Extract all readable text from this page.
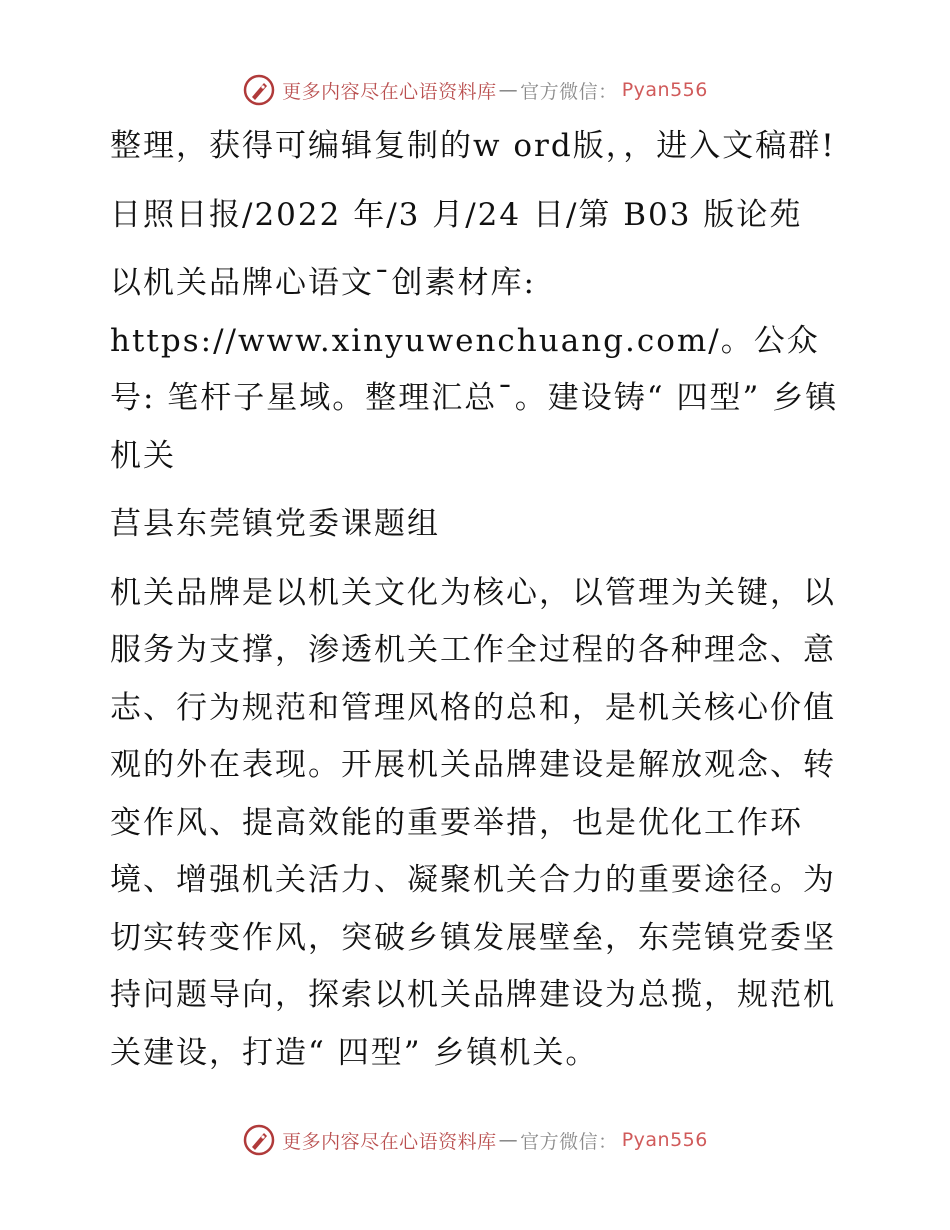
更多内容尽在心语资料库 — 官方微信： Pyan556

整理，获得可编辑复制的w ord版，，进入文稿群!

日照日报/2022 年/3 月/24 日/第 B03 版论苑

以机关品牌心语文¯创素材库: https://www.xinyuwenchuang.com/。公众号: 笔杆子星域。整理汇总¯。建设铸“ 四型” 乡镇机关

莒县东莞镇党委课题组

机关品牌是以机关文化为核心，以管理为关键，以服务为支撑，渗透机关工作全过程的各种理念、意志、行为规范和管理风格的总和，是机关核心价值观的外在表现。开展机关品牌建设是解放观念、转变作风、提高效能的重要举措，也是优化工作环境、增强机关活力、凝聚机关合力的重要途径。为切实转变作风，突破乡镇发展壁垒，东莞镇党委坚持问题导向，探索以机关品牌建设为总揽，规范机关建设，打造“ 四型” 乡镇机关。

更多内容尽在心语资料库 — 官方微信： Pyan556
